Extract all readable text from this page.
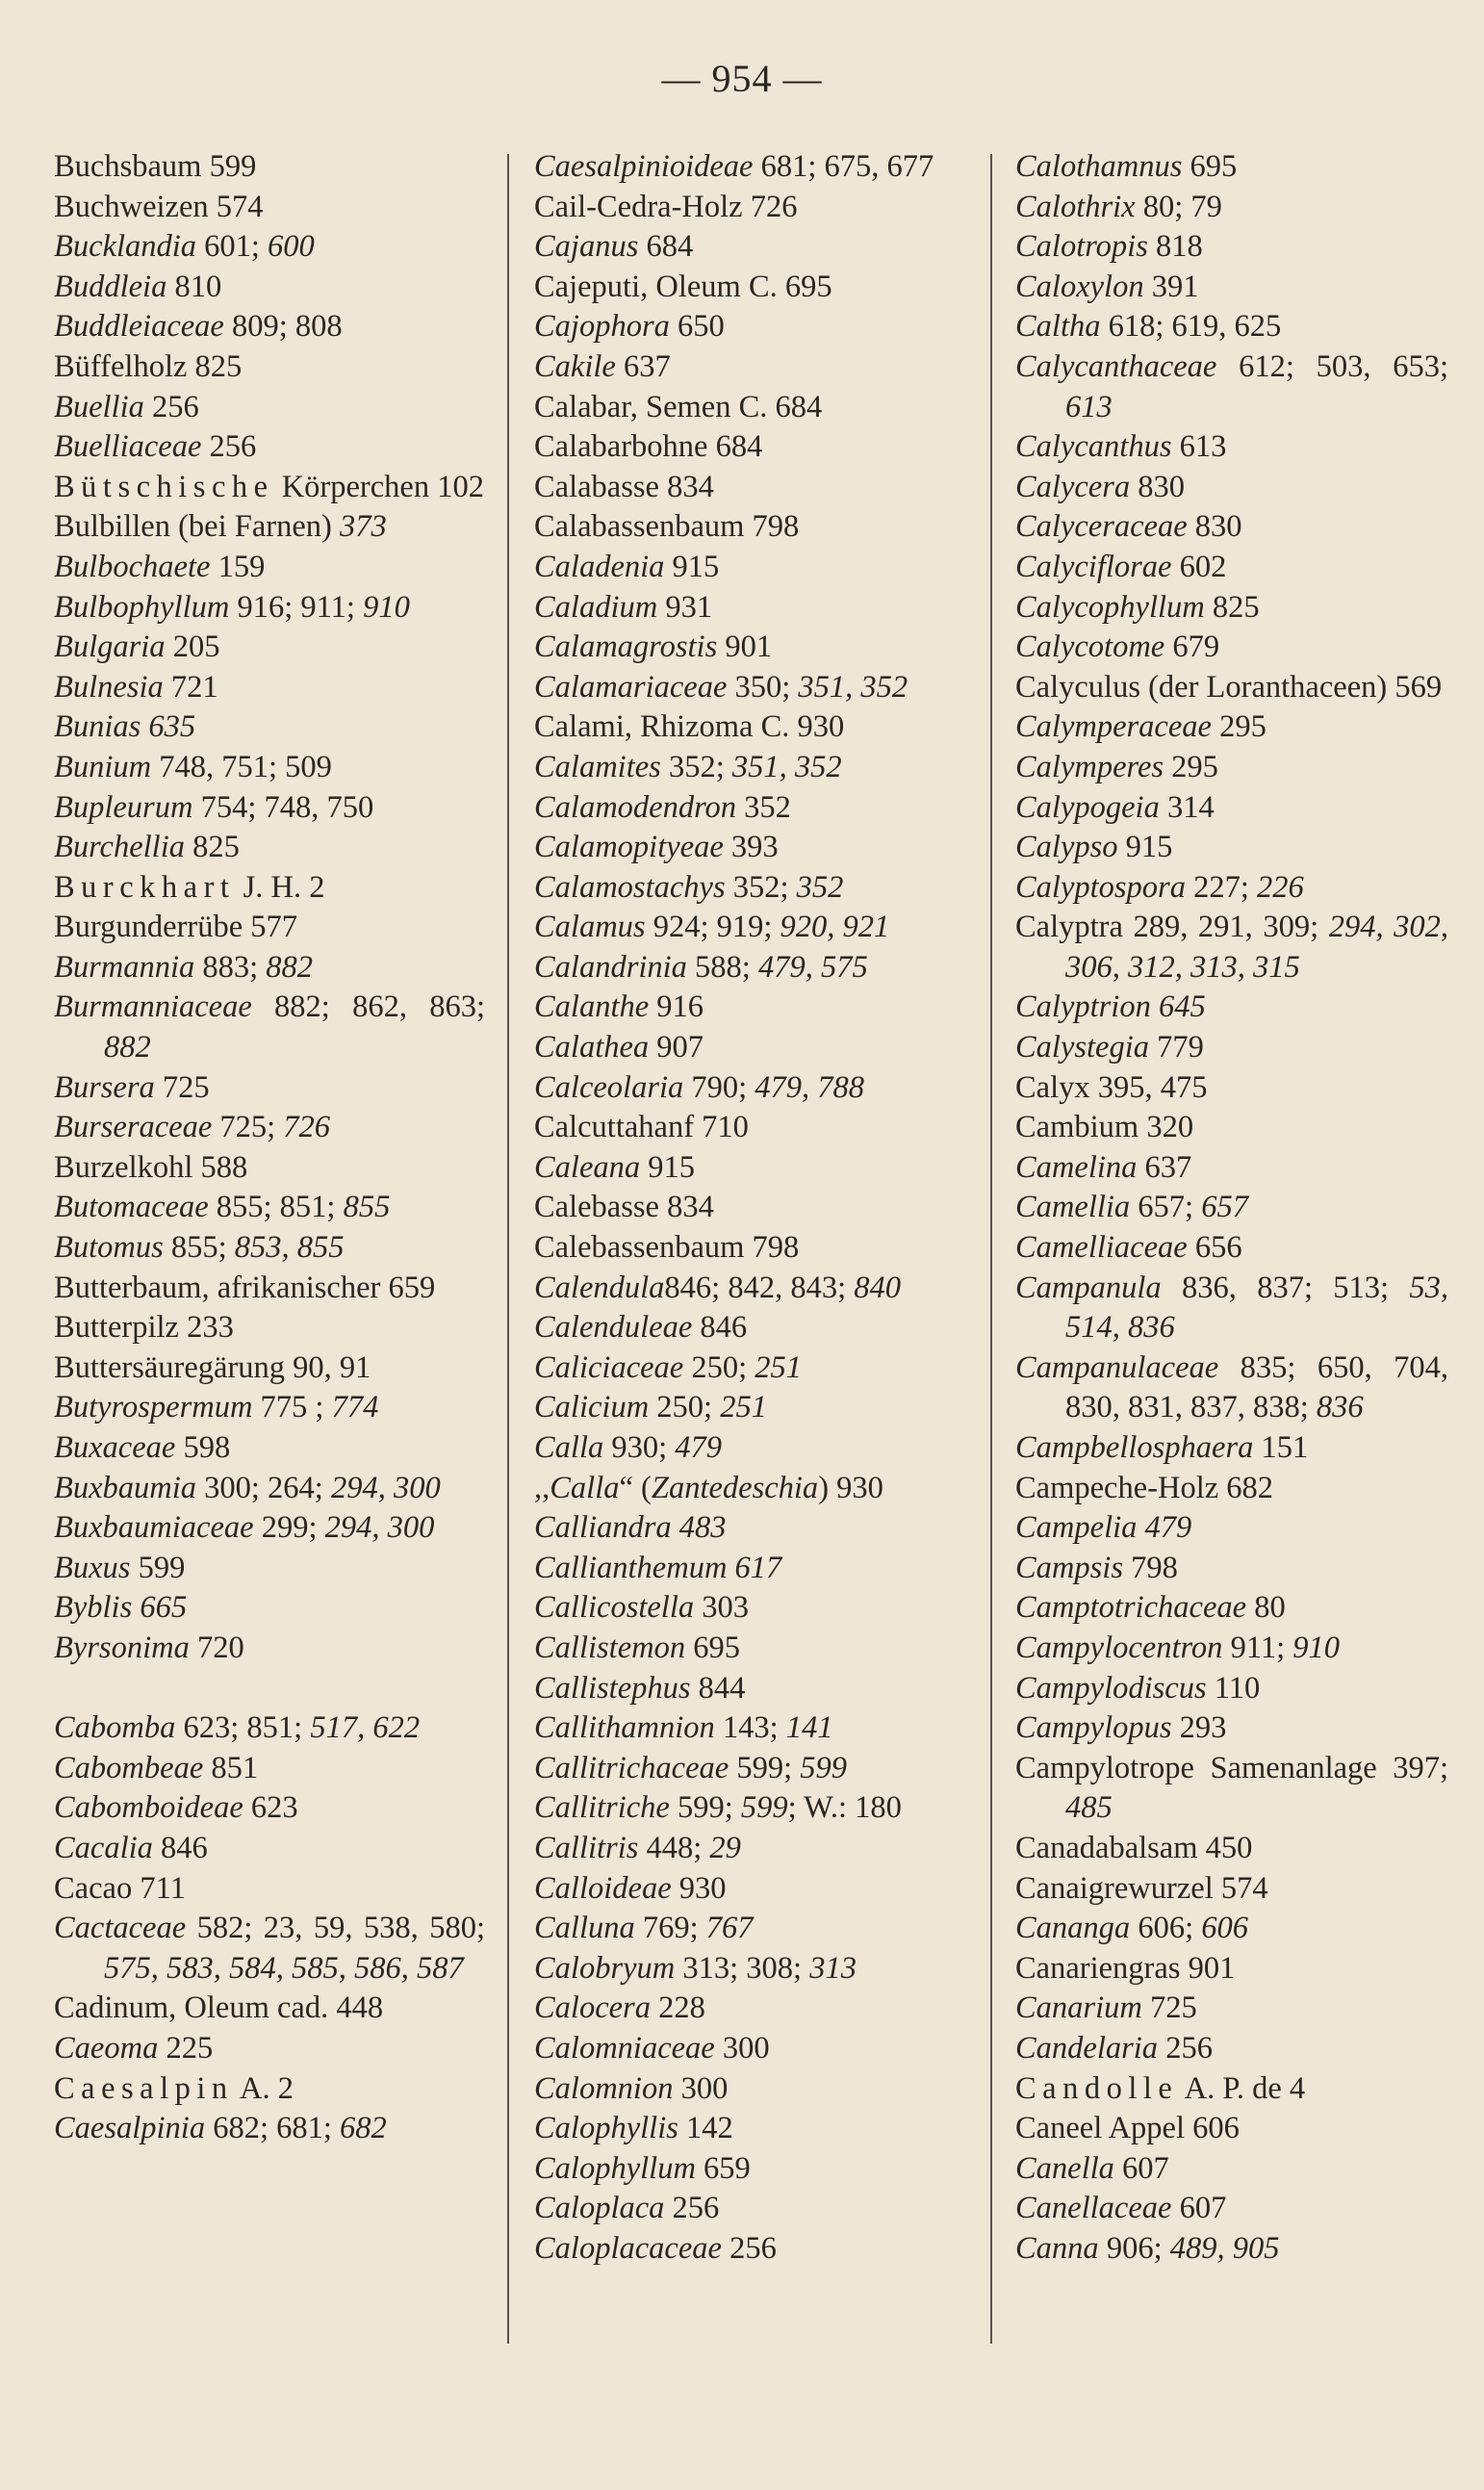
— 954 —
Buchsbaum 599
Buchweizen 574
Bucklandia 601; 600
Buddleia 810
Buddleiaceae 809; 808
Büffelholz 825
Buellia 256
Buelliaceae 256
Bütschische Körperchen 102
Bulbillen (bei Farnen) 373
Bulbochaete 159
Bulbophyllum 916; 911; 910
Bulgaria 205
Bulnesia 721
Bunias 635
Bunium 748, 751; 509
Bupleurum 754; 748, 750
Burchellia 825
Burckhart J. H. 2
Burgunderrübe 577
Burmannia 883; 882
Burmanniaceae 882; 862, 863; 882
Bursera 725
Burseraceae 725; 726
Burzelkohl 588
Butomaceae 855; 851; 855
Butomus 855; 853, 855
Butterbaum, afrikanischer 659
Butterpilz 233
Buttersäuregärung 90, 91
Butyrospermum 775 ; 774
Buxaceae 598
Buxbaumia 300; 264; 294, 300
Buxbaumiaceae 299; 294, 300
Buxus 599
Byblis 665
Byrsonima 720
Cabomba 623; 851; 517, 622
Cabombeae 851
Cabomboideae 623
Cacalia 846
Cacao 711
Cactaceae 582; 23, 59, 538, 580; 575, 583, 584, 585, 586, 587
Cadinum, Oleum cad. 448
Caeoma 225
Caesalpin A. 2
Caesalpinia 682; 681; 682
Caesalpinioideae 681; 675, 677
Cail-Cedra-Holz 726
Cajanus 684
Cajeputi, Oleum C. 695
Cajophora 650
Cakile 637
Calabar, Semen C. 684
Calabarbohne 684
Calabasse 834
Calabassenbaum 798
Caladenia 915
Caladium 931
Calamagrostis 901
Calamariaceae 350; 351, 352
Calami, Rhizoma C. 930
Calamites 352; 351, 352
Calamodendron 352
Calamopityeae 393
Calamostachys 352; 352
Calamus 924; 919; 920, 921
Calandrinia 588; 479, 575
Calanthe 916
Calathea 907
Calceolaria 790; 479, 788
Calcuttahanf 710
Caleana 915
Calebasse 834
Calebassenbaum 798
Calendula846; 842, 843; 840
Calenduleae 846
Caliciaceae 250; 251
Calicium 250; 251
Calla 930; 479
,,Calla“ (Zantedeschia) 930
Calliandra 483
Callianthemum 617
Callicostella 303
Callistemon 695
Callistephus 844
Callithamnion 143; 141
Callitrichaceae 599; 599
Callitriche 599; 599; W.: 180
Callitris 448; 29
Calloideae 930
Calluna 769; 767
Calobryum 313; 308; 313
Calocera 228
Calomniaceae 300
Calomnion 300
Calophyllis 142
Calophyllum 659
Caloplaca 256
Caloplacaceae 256
Calothamnus 695
Calothrix 80; 79
Calotropis 818
Caloxylon 391
Caltha 618; 619, 625
Calycanthaceae 612; 503, 653; 613
Calycanthus 613
Calycera 830
Calyceraceae 830
Calyciflorae 602
Calycophyllum 825
Calycotome 679
Calyculus (der Loranthaceen) 569
Calymperaceae 295
Calymperes 295
Calypogeia 314
Calypso 915
Calyptospora 227; 226
Calyptra 289, 291, 309; 294, 302, 306, 312, 313, 315
Calyptrion 645
Calystegia 779
Calyx 395, 475
Cambium 320
Camelina 637
Camellia 657; 657
Camelliaceae 656
Campanula 836, 837; 513; 53, 514, 836
Campanulaceae 835; 650, 704, 830, 831, 837, 838; 836
Campbellosphaera 151
Campeche-Holz 682
Campelia 479
Campsis 798
Camptotrichaceae 80
Campylocentron 911; 910
Campylodiscus 110
Campylopus 293
Campylotrope Samenanlage 397; 485
Canadabalsam 450
Canaigrewurzel 574
Cananga 606; 606
Canariengras 901
Canarium 725
Candelaria 256
Candolle A. P. de 4
Caneel Appel 606
Canella 607
Canellaceae 607
Canna 906; 489, 905
